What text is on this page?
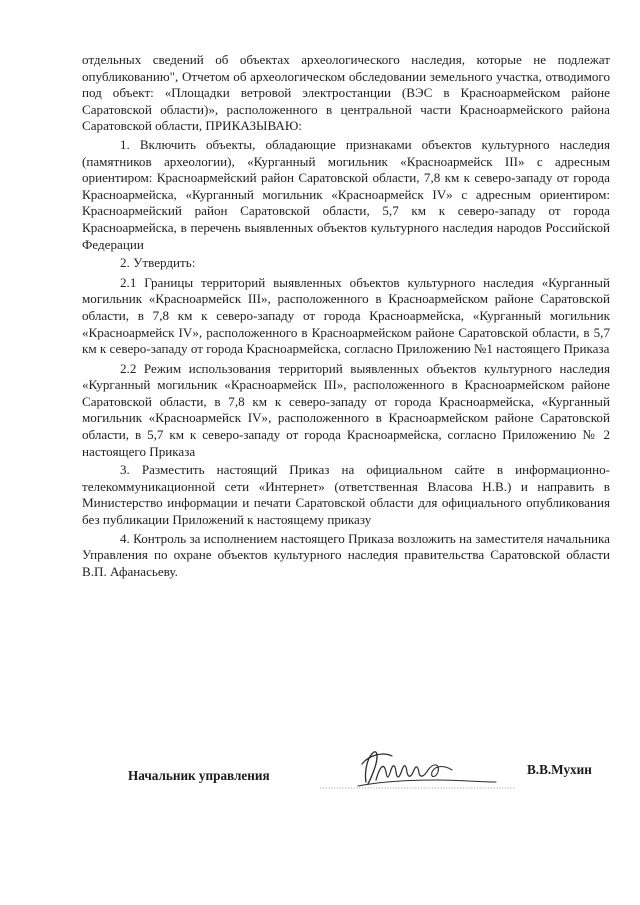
отдельных сведений об объектах археологического наследия, которые не подлежат опубликованию", Отчетом об археологическом обследовании земельного участка, отводимого под объект: «Площадки ветровой электростанции (ВЭС в Красноармейском районе Саратовской области)», расположенного в центральной части Красноармейского района Саратовской области, ПРИКАЗЫВАЮ:

1. Включить объекты, обладающие признаками объектов культурного наследия (памятников археологии), «Курганный могильник «Красноармейск III» с адресным ориентиром: Красноармейский район Саратовской области, 7,8 км к северо-западу от города Красноармейска, «Курганный могильник «Красноармейск IV» с адресным ориентиром: Красноармейский район Саратовской области, 5,7 км к северо-западу от города Красноармейска, в перечень выявленных объектов культурного наследия народов Российской Федерации

2. Утвердить:

2.1 Границы территорий выявленных объектов культурного наследия «Курганный могильник «Красноармейск III», расположенного в Красноармейском районе Саратовской области, в 7,8 км к северо-западу от города Красноармейска, «Курганный могильник «Красноармейск IV», расположенного в Красноармейском районе Саратовской области, в 5,7 км к северо-западу от города Красноармейска, согласно Приложению №1 настоящего Приказа

2.2 Режим использования территорий выявленных объектов культурного наследия «Курганный могильник «Красноармейск III», расположенного в Красноармейском районе Саратовской области, в 7,8 км к северо-западу от города Красноармейска, «Курганный могильник «Красноармейск IV», расположенного в Красноармейском районе Саратовской области, в 5,7 км к северо-западу от города Красноармейска, согласно Приложению № 2 настоящего Приказа

3. Разместить настоящий Приказ на официальном сайте в информационно-телекоммуникационной сети «Интернет» (ответственная Власова Н.В.) и направить в Министерство информации и печати Саратовской области для официального опубликования без публикации Приложений к настоящему приказу

4. Контроль за исполнением настоящего Приказа возложить на заместителя начальника Управления по охране объектов культурного наследия правительства Саратовской области В.П. Афанасьеву.

Начальник управления	В.В.Мухин
